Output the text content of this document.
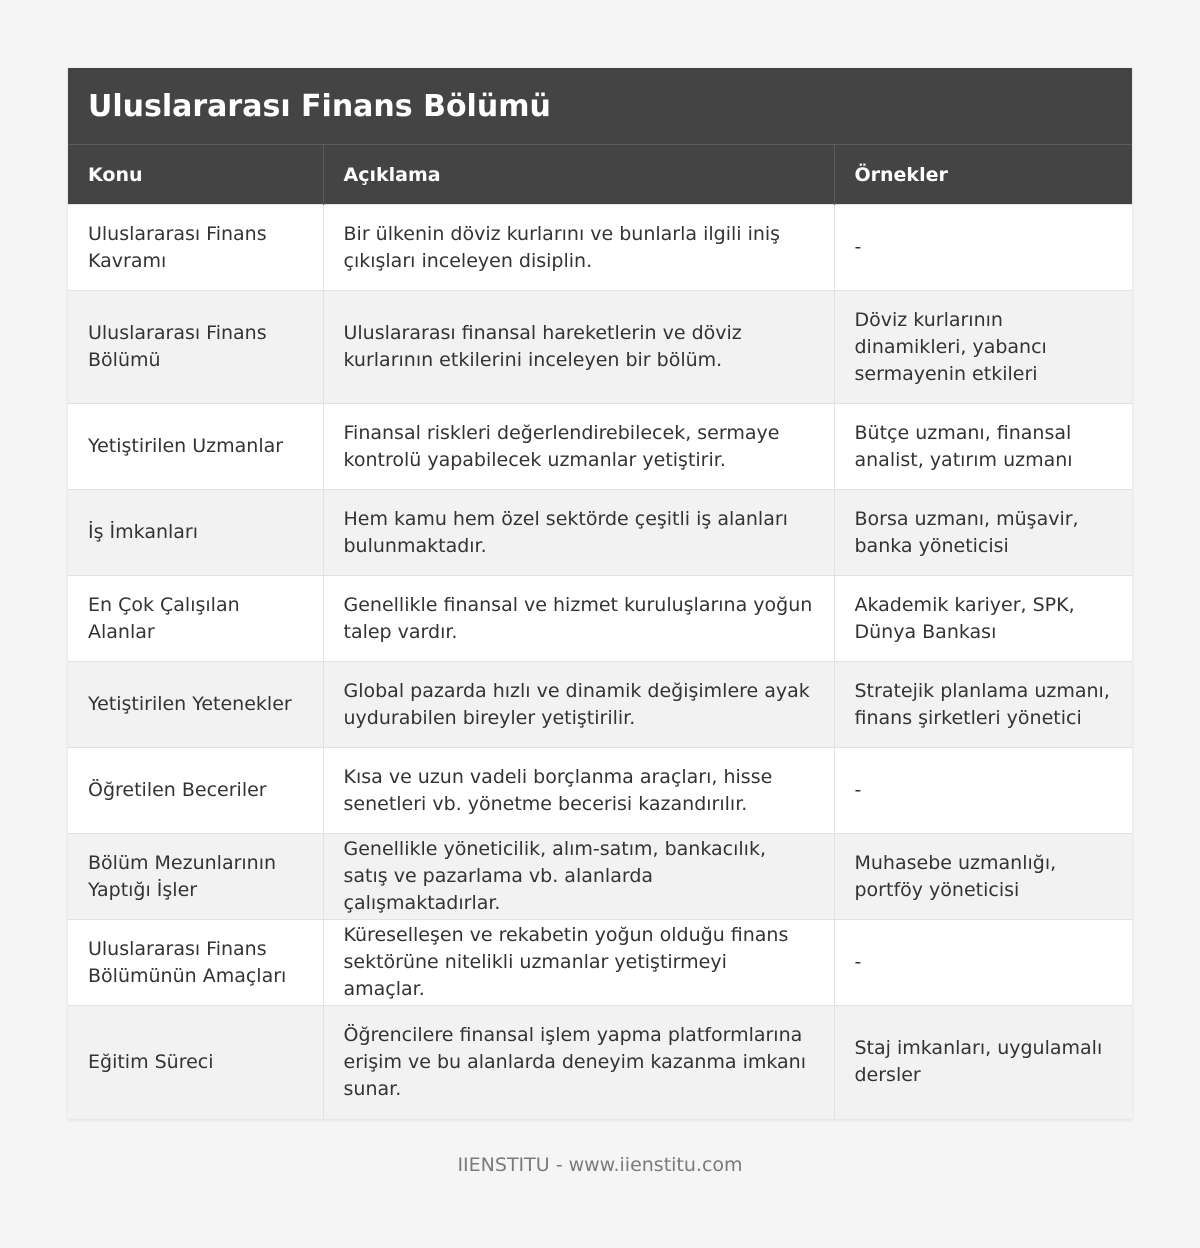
Uluslararası Finans Bölümü
Konu	Açıklama	Örnekler
Uluslararası Finans Kavramı	Bir ülkenin döviz kurlarını ve bunlarla ilgili iniş çıkışları inceleyen disiplin.	-
Uluslararası Finans Bölümü	Uluslararası finansal hareketlerin ve döviz kurlarının etkilerini inceleyen bir bölüm.	Döviz kurlarının dinamikleri, yabancı sermayenin etkileri
Yetiştirilen Uzmanlar	Finansal riskleri değerlendirebilecek, sermaye kontrolü yapabilecek uzmanlar yetiştirir.	Bütçe uzmanı, finansal analist, yatırım uzmanı
İş İmkanları	Hem kamu hem özel sektörde çeşitli iş alanları bulunmaktadır.	Borsa uzmanı, müşavir, banka yöneticisi
En Çok Çalışılan Alanlar	Genellikle finansal ve hizmet kuruluşlarına yoğun talep vardır.	Akademik kariyer, SPK, Dünya Bankası
Yetiştirilen Yetenekler	Global pazarda hızlı ve dinamik değişimlere ayak uydurabilen bireyler yetiştirilir.	Stratejik planlama uzmanı, finans şirketleri yönetici
Öğretilen Beceriler	Kısa ve uzun vadeli borçlanma araçları, hisse senetleri vb. yönetme becerisi kazandırılır.	-
Bölüm Mezunlarının Yaptığı İşler	Genellikle yöneticilik, alım-satım, bankacılık, satış ve pazarlama vb. alanlarda çalışmaktadırlar.	Muhasebe uzmanlığı, portföy yöneticisi
Uluslararası Finans Bölümünün Amaçları	Küreselleşen ve rekabetin yoğun olduğu finans sektörüne nitelikli uzmanlar yetiştirmeyi amaçlar.	-
Eğitim Süreci	Öğrencilere finansal işlem yapma platformlarına erişim ve bu alanlarda deneyim kazanma imkanı sunar.	Staj imkanları, uygulamalı dersler
IIENSTITU - www.iienstitu.com
